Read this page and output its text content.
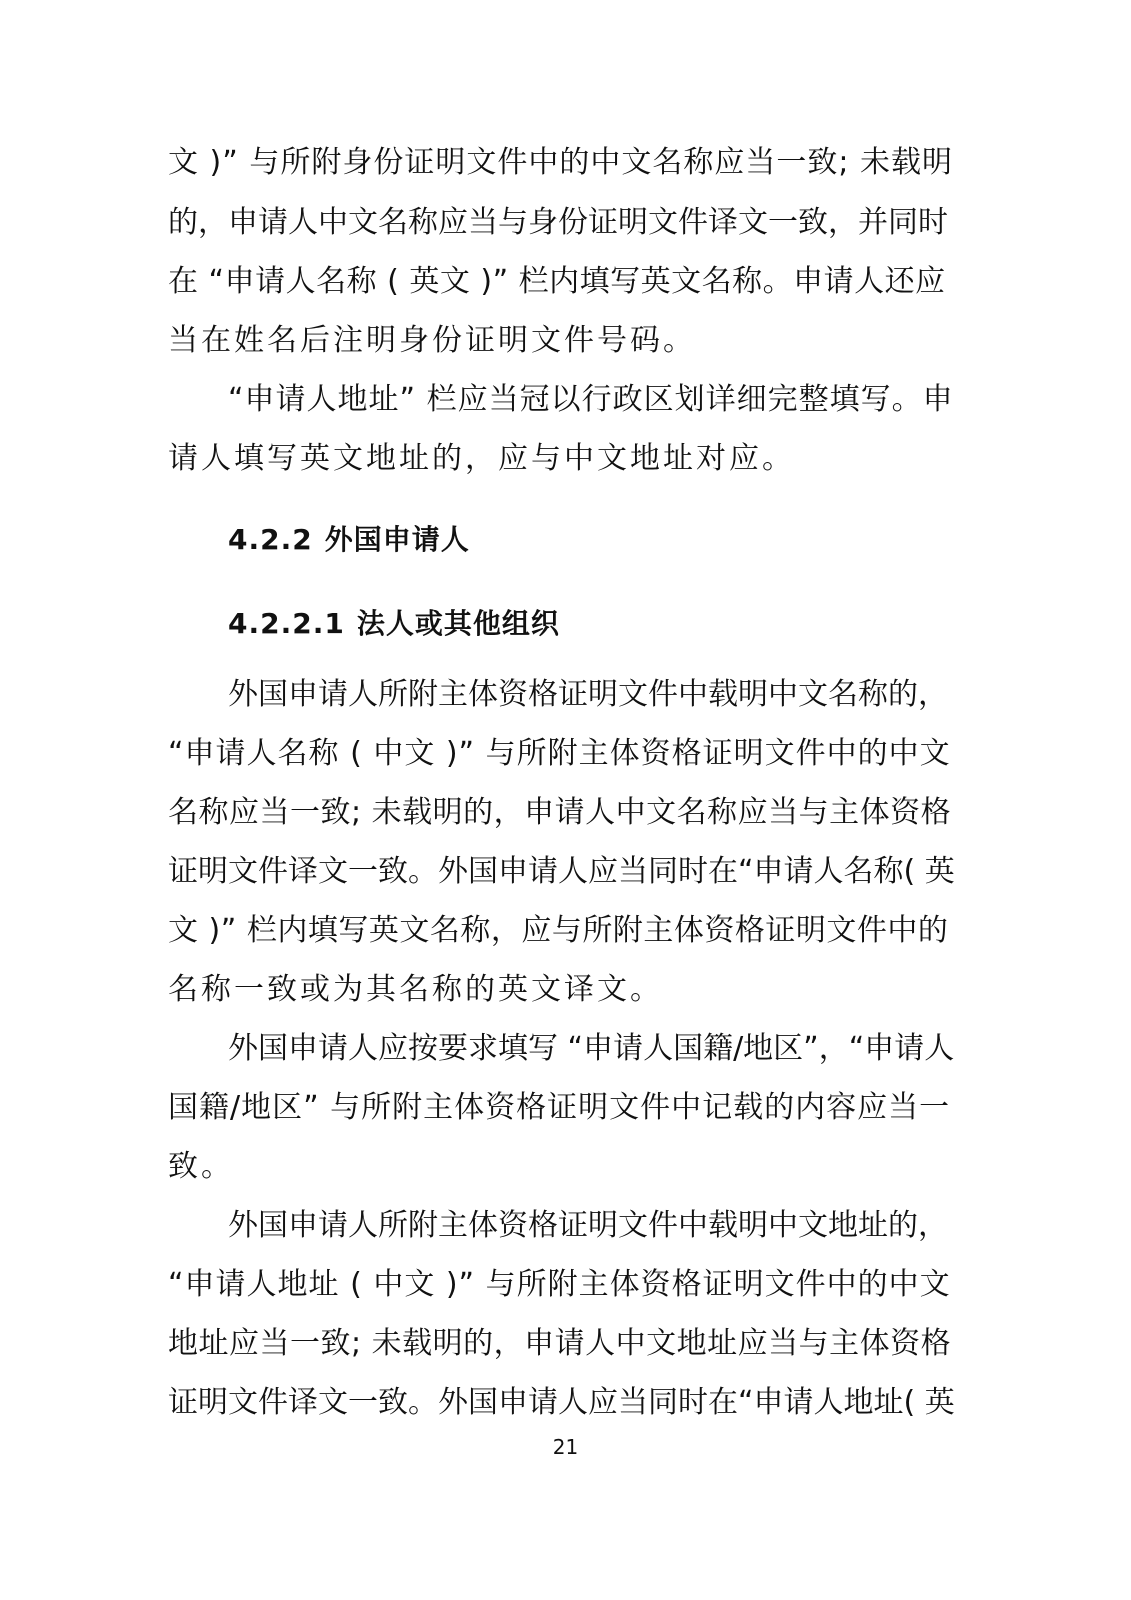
文 )” 与所附身份证明文件中的中文名称应当一致; 未载明
的，申请人中文名称应当与身份证明文件译文一致，并同时
在 “申请人名称 ( 英文 )” 栏内填写英文名称。申请人还应
当在姓名后注明身份证明文件号码。
“申请人地址” 栏应当冠以行政区划详细完整填写。申
请人填写英文地址的，应与中文地址对应。
4.2.2 外国申请人
4.2.2.1 法人或其他组织
外国申请人所附主体资格证明文件中载明中文名称的，
“申请人名称 ( 中文 )” 与所附主体资格证明文件中的中文
名称应当一致; 未载明的，申请人中文名称应当与主体资格
证明文件译文一致。外国申请人应当同时在“申请人名称( 英
文 )” 栏内填写英文名称，应与所附主体资格证明文件中的
名称一致或为其名称的英文译文。
外国申请人应按要求填写 “申请人国籍/地区”，“申请人
国籍/地区” 与所附主体资格证明文件中记载的内容应当一
致。
外国申请人所附主体资格证明文件中载明中文地址的，
“申请人地址 ( 中文 )” 与所附主体资格证明文件中的中文
地址应当一致; 未载明的，申请人中文地址应当与主体资格
证明文件译文一致。外国申请人应当同时在“申请人地址( 英
21
